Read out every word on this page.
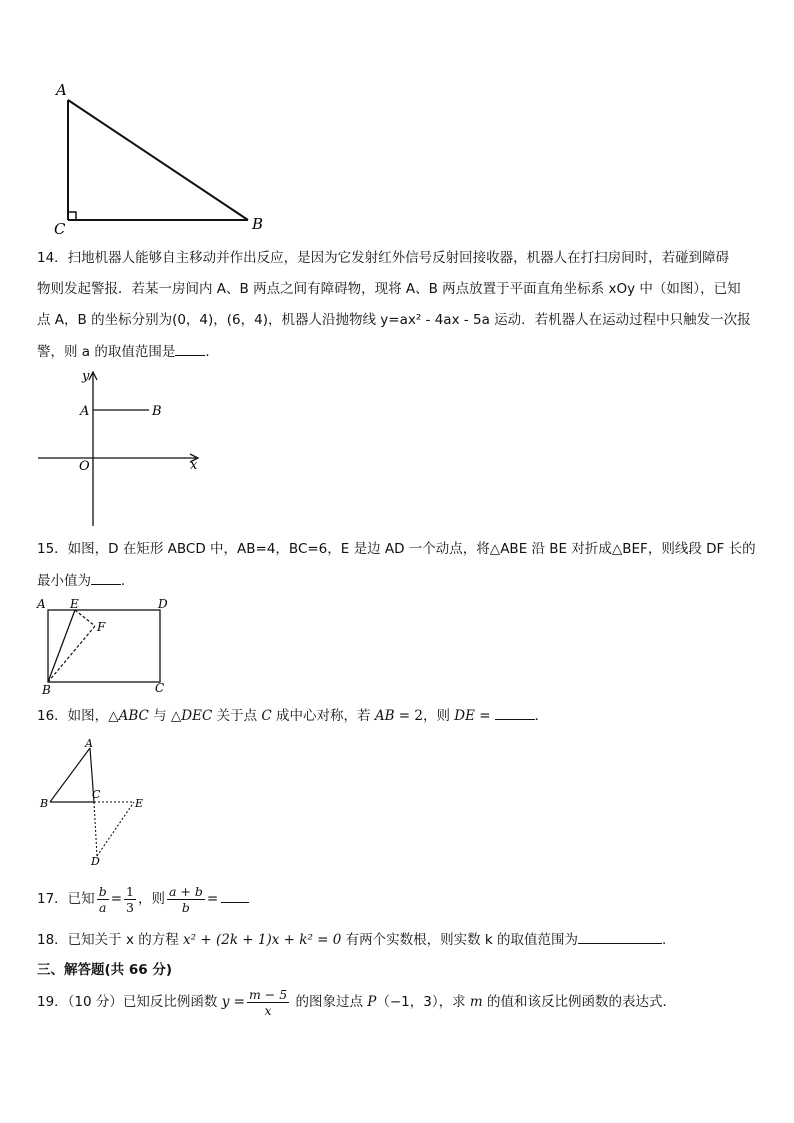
A
C	B
14．扫地机器人能够自主移动并作出反应，是因为它发射红外信号反射回接收器，机器人在打扫房间时，若碰到障碍
物则发起警报．若某一房间内 A、B 两点之间有障碍物，现将 A、B 两点放置于平面直角坐标系 xOy 中（如图），已知
点 A，B 的坐标分别为(0，4)，(6，4)，机器人沿抛物线 y=ax² - 4ax - 5a 运动．若机器人在运动过程中只触发一次报
警，则 a 的取值范围是 ．
y
x
O
A	B
15．如图，D 在矩形 ABCD 中，AB=4，BC=6，E 是边 AD 一个动点，将△ABE 沿 BE 对折成△BEF，则线段 DF 长的
最小值为 ．
A E	D
F
B	C
16．如图，△ABC 与 △DEC 关于点 C 成中心对称，若 AB = 2，则 DE =	．
A
B
C
E
D
17．已知 $\frac{b}{a} = \frac{1}{3}$ ，则 $\frac{a + b}{b}$ =
18．已知关于 x 的方程 x² + (2k + 1)x + k² = 0 有两个实数根，则实数 k 的取值范围为	.
三、解答题(共 66 分)
19．（10 分）已知反比例函数 $y = \frac{m - 5}{x}$ 的图象过点 P（−1，3），求 m 的值和该反比例函数的表达式．
